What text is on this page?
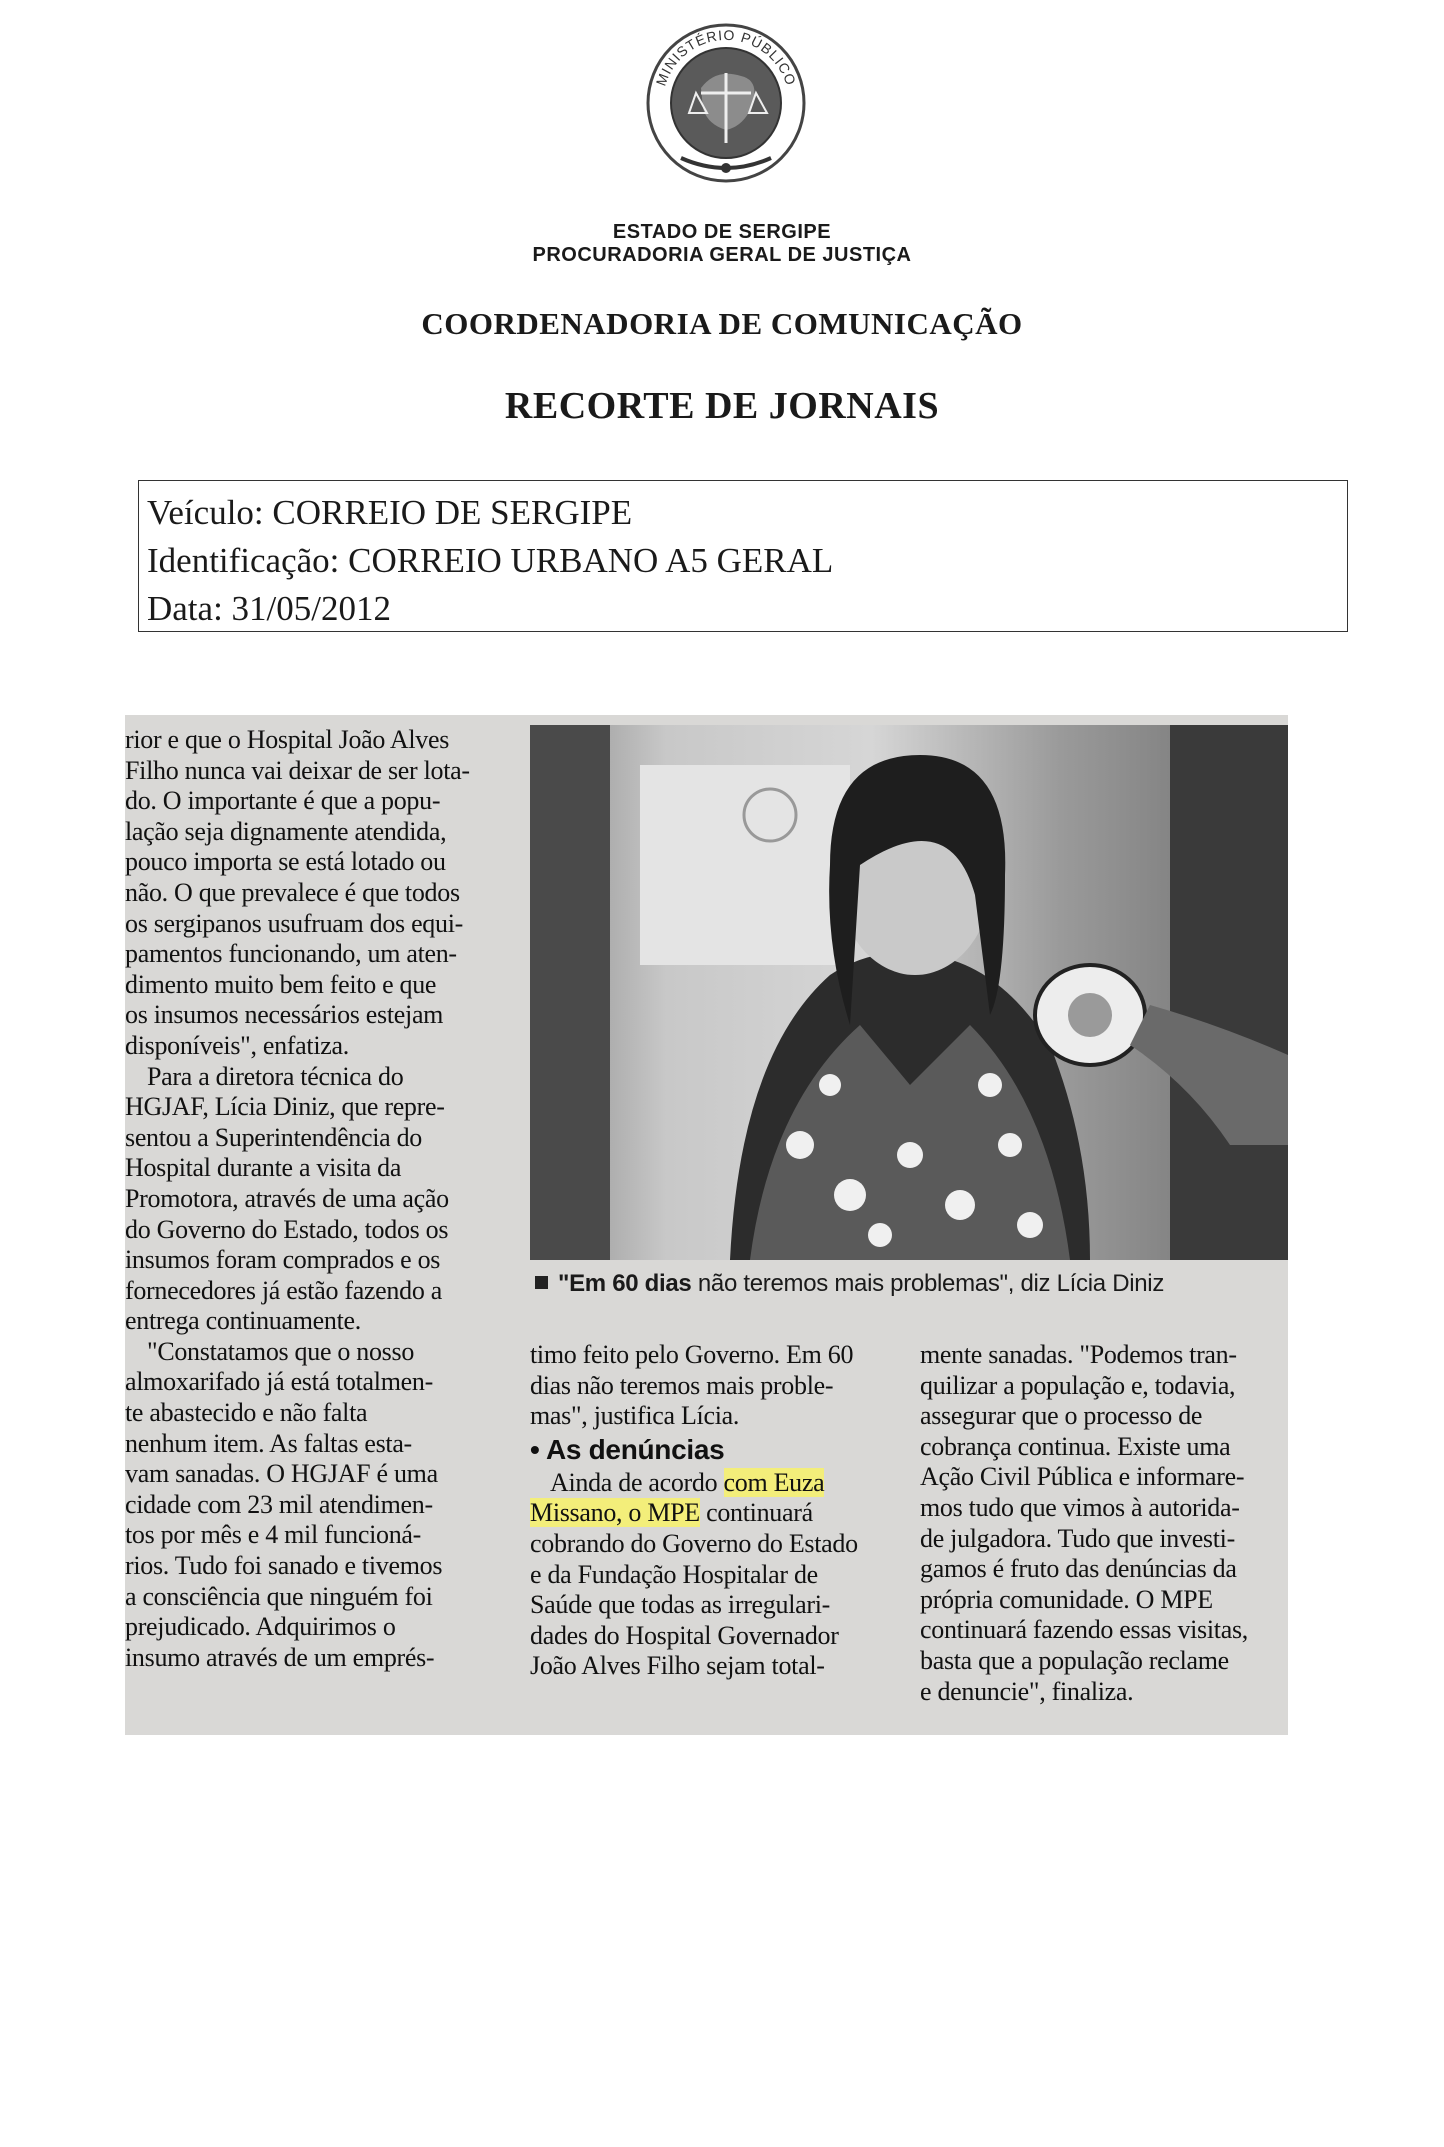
MINISTÉRIO PÚBLICO
ESTADO DE SERGIPE
PROCURADORIA GERAL DE JUSTIÇA
COORDENADORIA DE COMUNICAÇÃO
RECORTE DE JORNAIS
Veículo: CORREIO DE SERGIPE
Identificação: CORREIO URBANO A5 GERAL
Data: 31/05/2012

rior e que o Hospital João Alves

Filho nunca vai deixar de ser lota-

do. O importante é que a popu-

lação seja dignamente atendida,

pouco importa se está lotado ou

não. O que prevalece é que todos

os sergipanos usufruam dos equi-

pamentos funcionando, um aten-

dimento muito bem feito e que

os insumos necessários estejam

disponíveis", enfatiza.

Para a diretora técnica do

HGJAF, Lícia Diniz, que repre-

sentou a Superintendência do

Hospital durante a visita da

Promotora, através de uma ação

do Governo do Estado, todos os

insumos foram comprados e os

fornecedores já estão fazendo a

entrega continuamente.

"Constatamos que o nosso

almoxarifado já está totalmen-

te abastecido e não falta

nenhum item. As faltas esta-

vam sanadas. O HGJAF é uma

cidade com 23 mil atendimen-

tos por mês e 4 mil funcioná-

rios. Tudo foi sanado e tivemos

a consciência que ninguém foi

prejudicado. Adquirimos o

insumo através de um emprés-

"Em 60 dias não teremos mais problemas", diz Lícia Diniz

timo feito pelo Governo. Em 60

dias não teremos mais proble-

mas", justifica Lícia.

• As denúncias

Ainda de acordo com Euza

Missano, o MPE continuará

cobrando do Governo do Estado

e da Fundação Hospitalar de

Saúde que todas as irregulari-

dades do Hospital Governador

João Alves Filho sejam total-

mente sanadas. "Podemos tran-

quilizar a população e, todavia,

assegurar que o processo de

cobrança continua. Existe uma

Ação Civil Pública e informare-

mos tudo que vimos à autorida-

de julgadora. Tudo que investi-

gamos é fruto das denúncias da

própria comunidade. O MPE

continuará fazendo essas visitas,

basta que a população reclame

e denuncie", finaliza.
